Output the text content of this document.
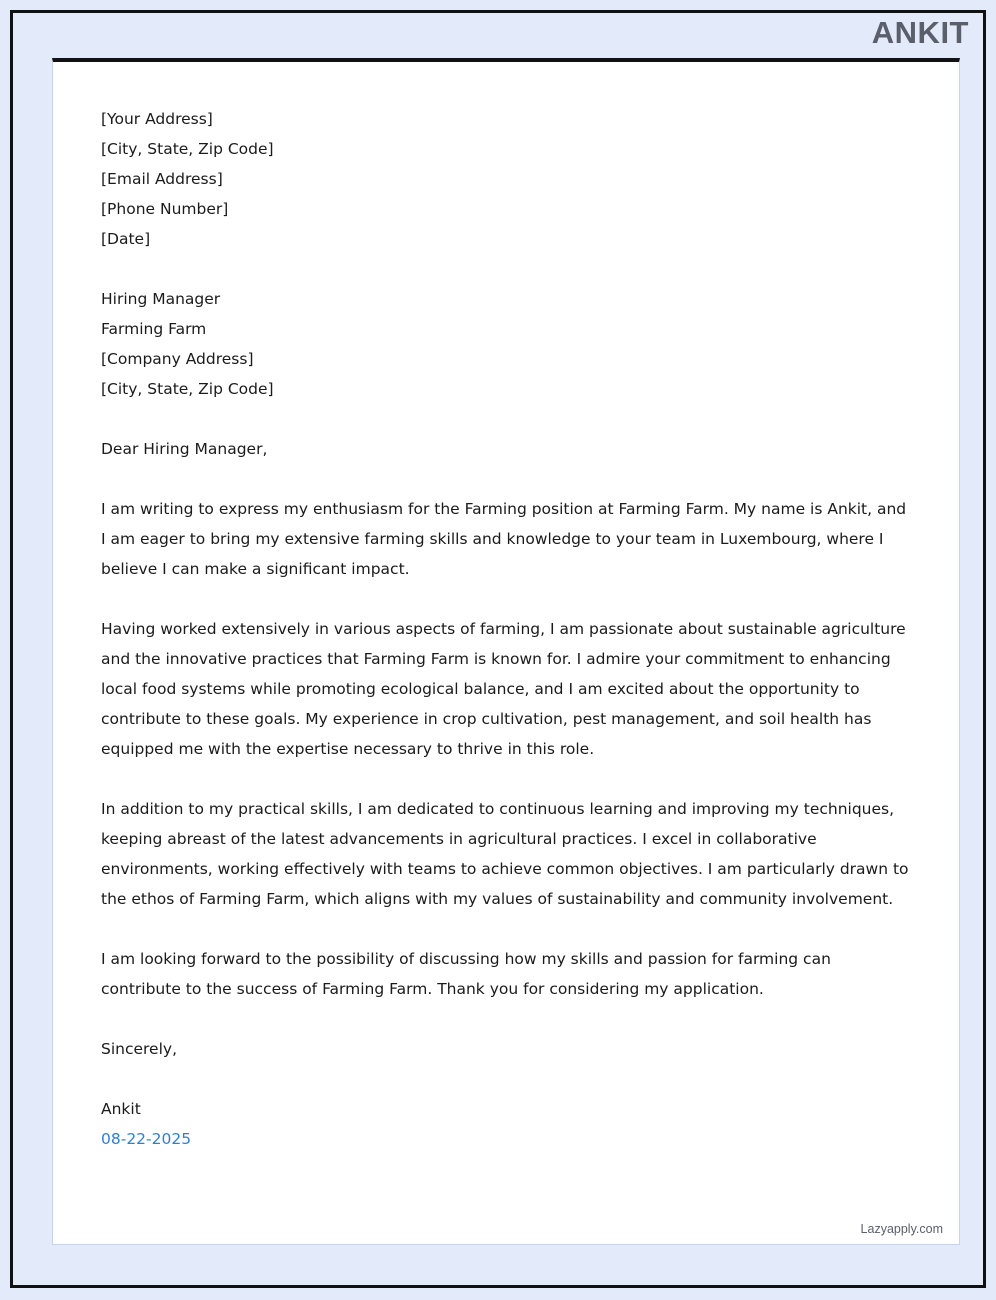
ANKIT
[Your Address]
[City, State, Zip Code]
[Email Address]
[Phone Number]
[Date]
Hiring Manager
Farming Farm
[Company Address]
[City, State, Zip Code]
Dear Hiring Manager,
I am writing to express my enthusiasm for the Farming position at Farming Farm. My name is Ankit, and I am eager to bring my extensive farming skills and knowledge to your team in Luxembourg, where I believe I can make a significant impact.
Having worked extensively in various aspects of farming, I am passionate about sustainable agriculture and the innovative practices that Farming Farm is known for. I admire your commitment to enhancing local food systems while promoting ecological balance, and I am excited about the opportunity to contribute to these goals. My experience in crop cultivation, pest management, and soil health has equipped me with the expertise necessary to thrive in this role.
In addition to my practical skills, I am dedicated to continuous learning and improving my techniques, keeping abreast of the latest advancements in agricultural practices. I excel in collaborative environments, working effectively with teams to achieve common objectives. I am particularly drawn to the ethos of Farming Farm, which aligns with my values of sustainability and community involvement.
I am looking forward to the possibility of discussing how my skills and passion for farming can contribute to the success of Farming Farm. Thank you for considering my application.
Sincerely,
Ankit
08-22-2025
Lazyapply.com
